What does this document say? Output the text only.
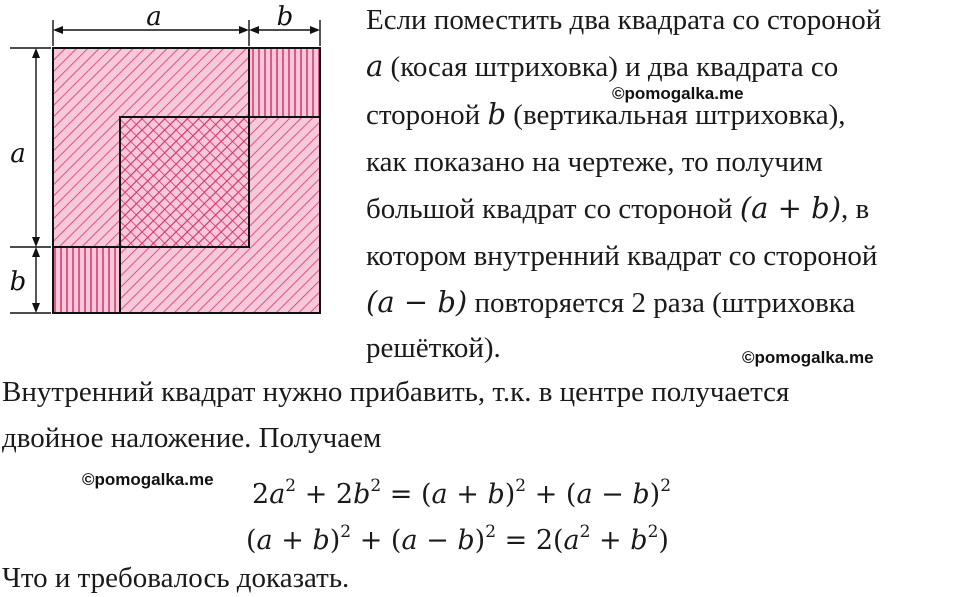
a	b
a
b

Если поместить два квадрата со стороной

a (косая штриховка) и два квадрата со

стороной b (вертикальная штриховка),

как показано на чертеже, то получим

большой квадрат со стороной (a + b), в

котором внутренний квадрат со стороной

(a − b) повторяется 2 раза (штриховка

решёткой).

Внутренний квадрат нужно прибавить, т.к. в центре получается

двойное наложение. Получаем

$2a^2 + 2b^2 = (a + b)^2 + (a - b)^2$

$(a + b)^2 + (a - b)^2 = 2(a^2 + b^2)$

Что и требовалось доказать.

©pomogalka.me

©pomogalka.me

©pomogalka.me
